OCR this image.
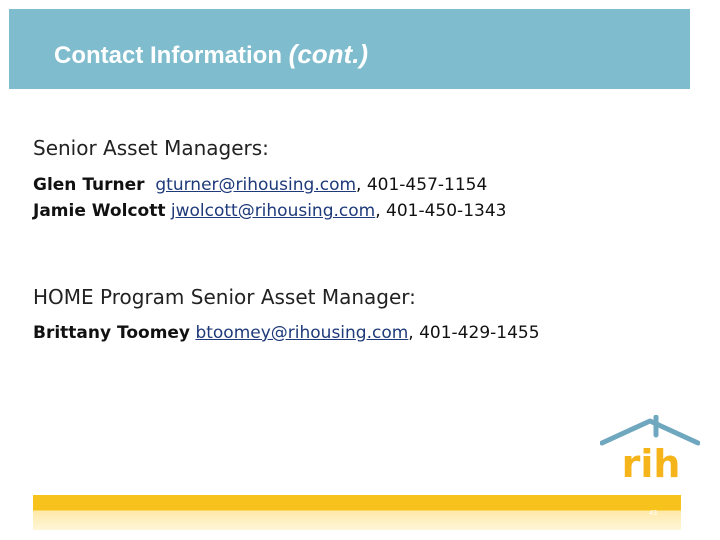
Contact Information (cont.)
Senior Asset Managers:
Glen Turner gturner@rihousing.com, 401-457-1154
Jamie Wolcott jwolcott@rihousing.com, 401-450-1343
HOME Program Senior Asset Manager:
Brittany Toomey btoomey@rihousing.com, 401-429-1455
rih
43
